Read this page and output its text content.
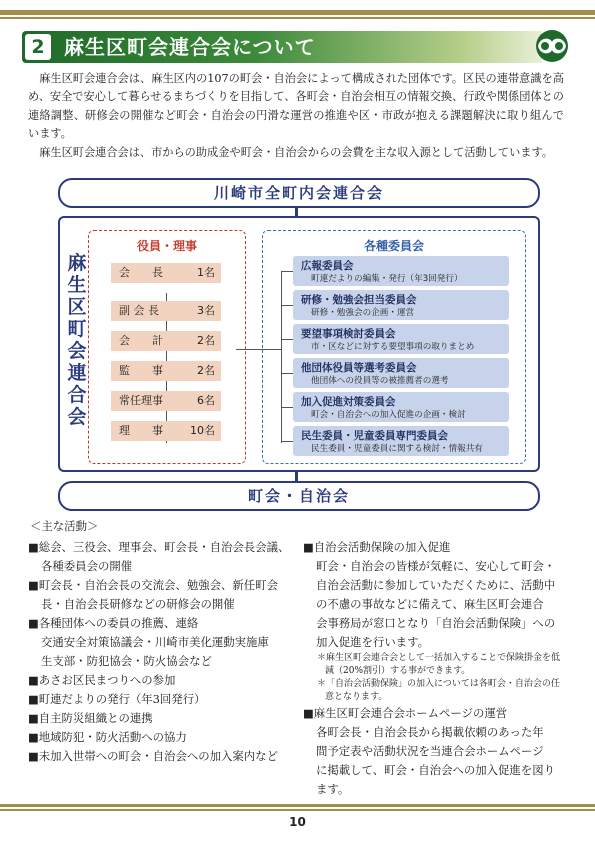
2 麻生区町会連合会について

麻生区町会連合会は、麻生区内の107の町会・自治会によって構成された団体です。区民の連帯意識を高め、安全で安心して暮らせるまちづくりを目指して、各町会・自治会相互の情報交換、行政や関係団体との連絡調整、研修会の開催など町会・自治会の円滑な運営の推進や区・市政が抱える課題解決に取り組んでいます。

麻生区町会連合会は、市からの助成金や町会・自治会からの会費を主な収入源として活動しています。

川崎市全町内会連合会
麻生区町会連合会
役員・理事
会　　長	1名
副 会 長	3名
会　　計	2名
監　　事	2名
常任理事	6名
理　　事 10名
各種委員会
広報委員会
町連だよりの編集・発行（年3回発行）
研修・勉強会担当委員会
研修・勉強会の企画・運営
要望事項検討委員会
市・区などに対する要望事項の取りまとめ
他団体役員等選考委員会
他団体への役員等の被推薦者の選考
加入促進対策委員会
町会・自治会への加入促進の企画・検討
民生委員・児童委員専門委員会
民生委員・児童委員に関する検討・情報共有
町会・自治会
＜主な活動＞
■総会、三役会、理事会、町会長・自治会長会議、
各種委員会の開催
■町会長・自治会長の交流会、勉強会、新任町会
長・自治会長研修などの研修会の開催
■各種団体への委員の推薦、連絡
交通安全対策協議会・川崎市美化運動実施庫
生支部・防犯協会・防火協会など
■あさお区民まつりへの参加
■町連だよりの発行（年3回発行）
■自主防災組織との連携
■地域防犯・防火活動への協力
■未加入世帯への町会・自治会への加入案内など
■自治会活動保険の加入促進
町会・自治会の皆様が気軽に、安心して町会・
自治会活動に参加していただくために、活動中
の不慮の事故などに備えて、麻生区町会連合
会事務局が窓口となり「自治会活動保険」への
加入促進を行います。
＊麻生区町会連合会として一括加入することで保険掛金を低減（20%割引）する事ができます。
＊「自治会活動保険」の加入については各町会・自治会の任意となります。
■麻生区町会連合会ホームページの運営
各町会長・自治会長から掲載依頼のあった年
間予定表や活動状況を当連合会ホームページ
に掲載して、町会・自治会への加入促進を図り
ます。
10
